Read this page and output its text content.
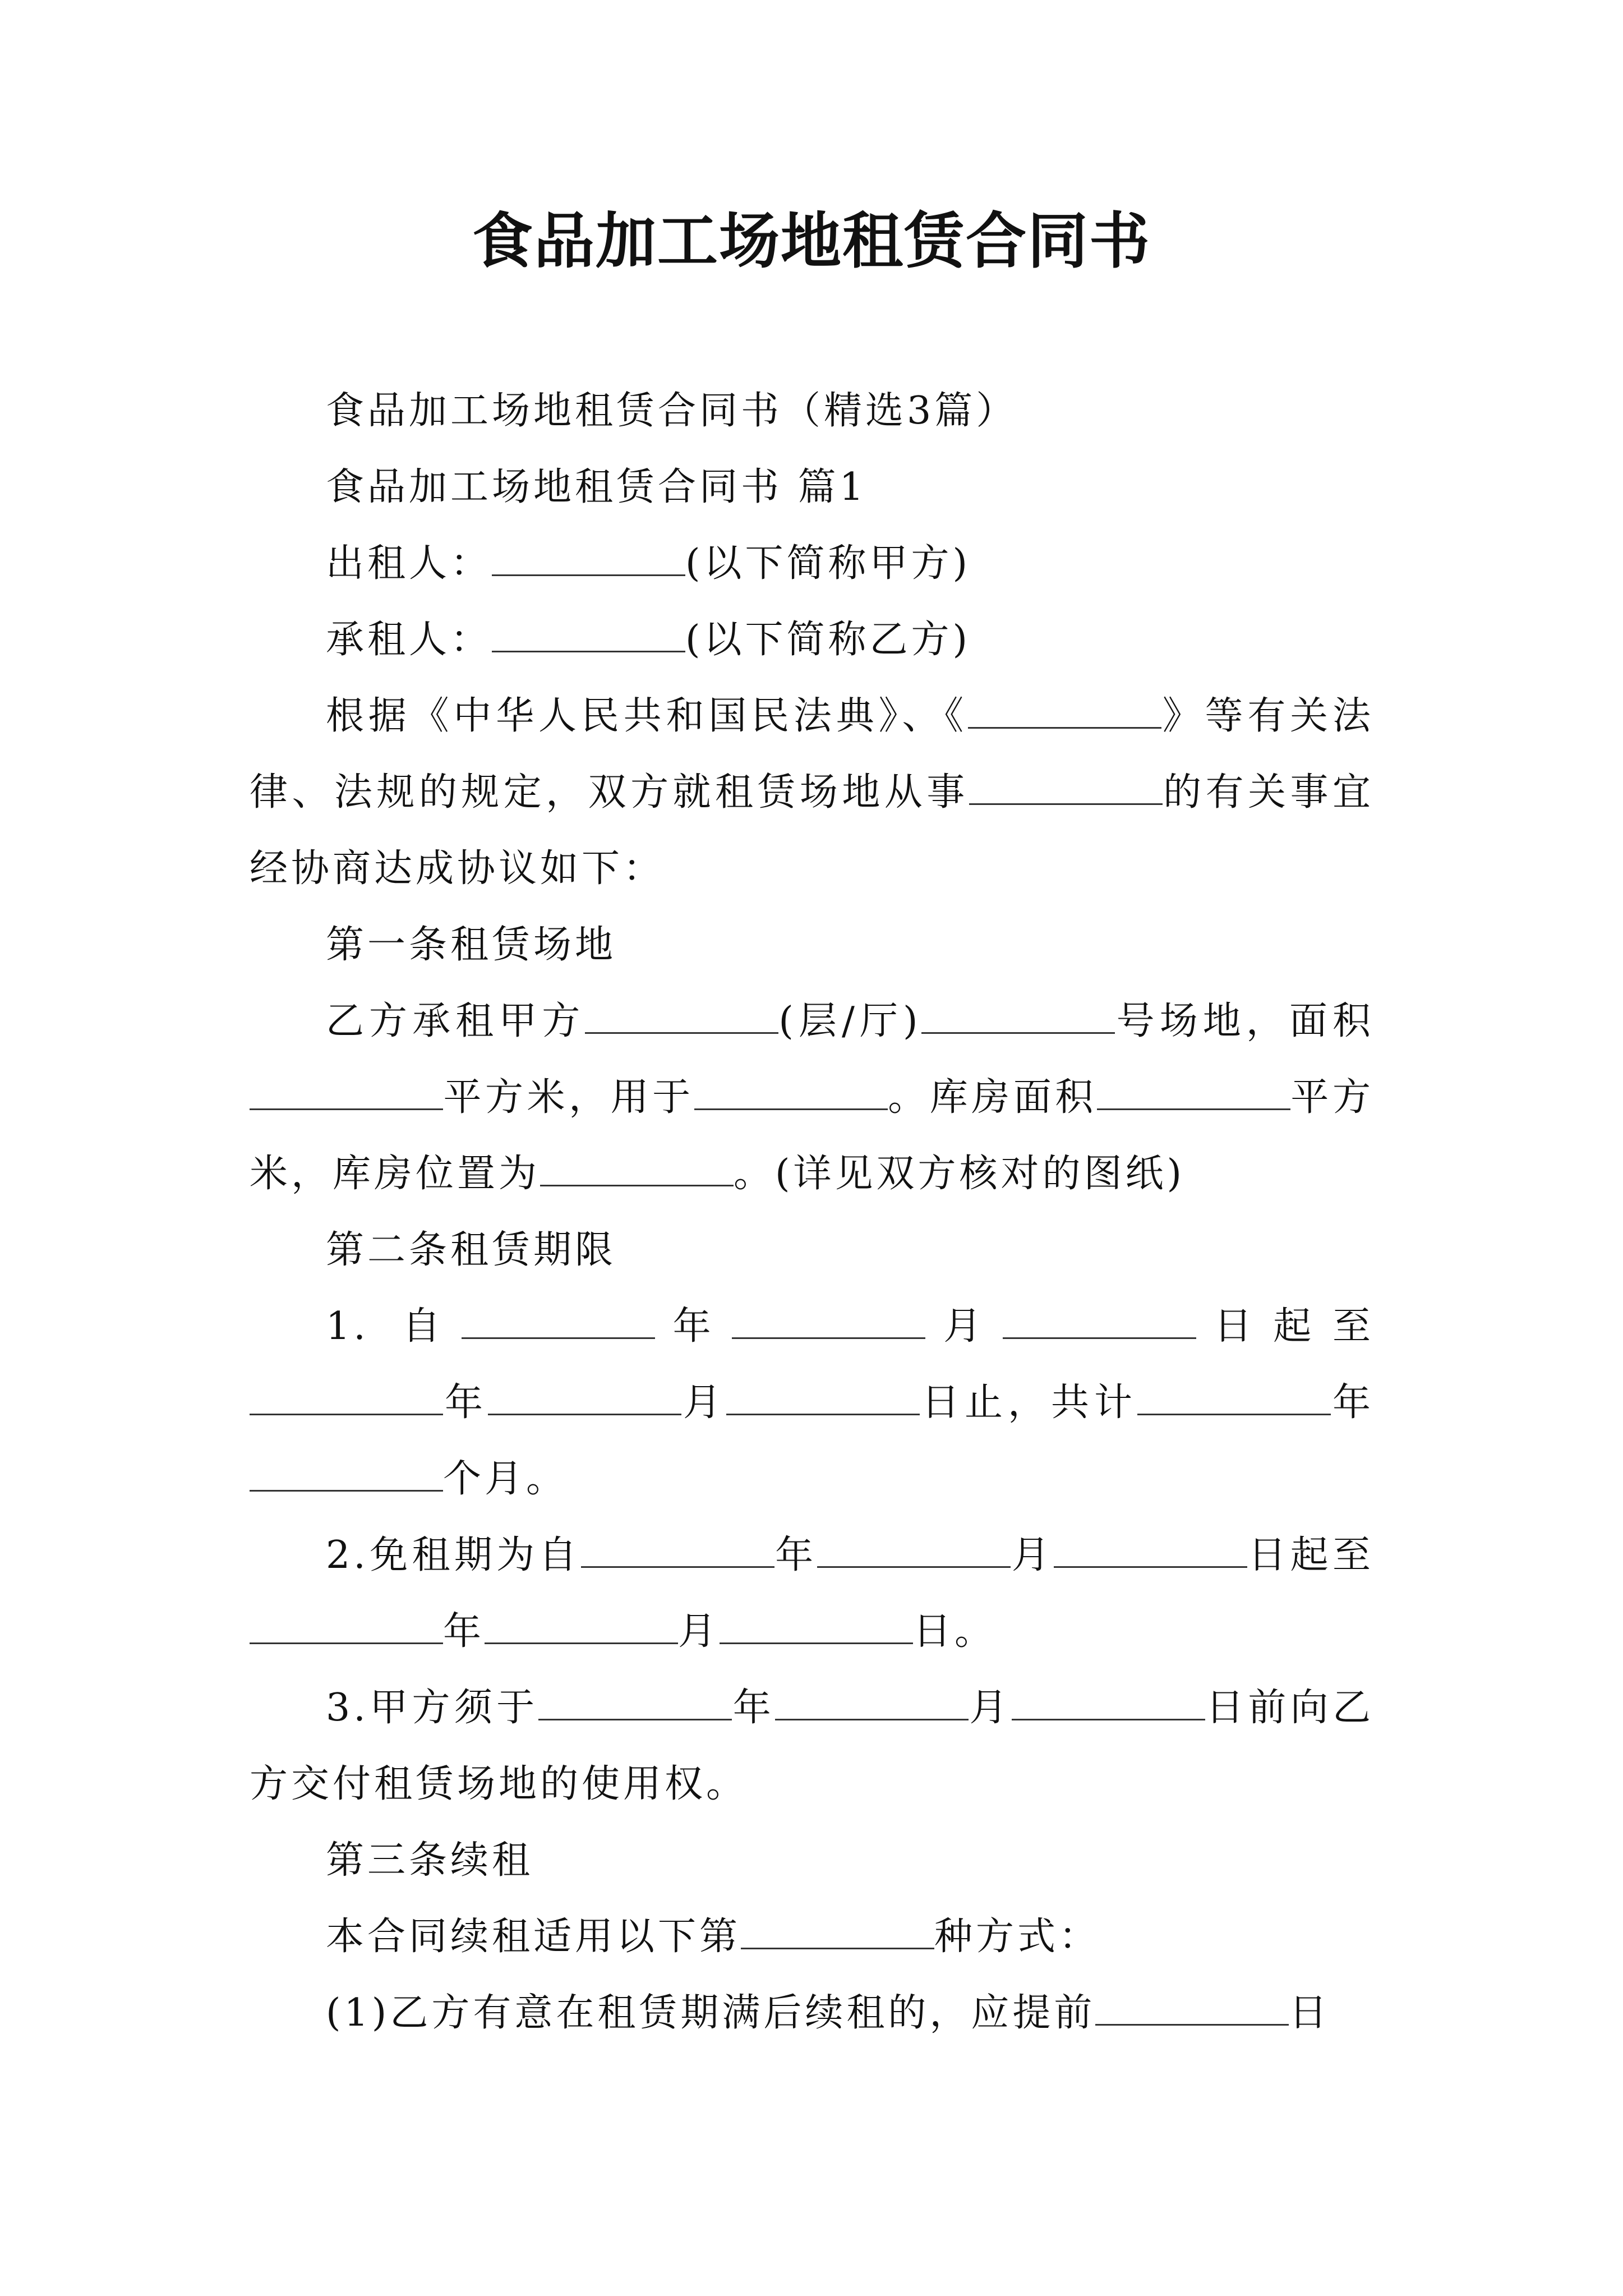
食品加工场地租赁合同书

食品加工场地租赁合同书（精选3篇）

食品加工场地租赁合同书 篇1

出租人：	(以下简称甲方)

承租人：	(以下简称乙方)

根据《中华人民共和国民法典》、《	》等有关法律、法规的规定，双方就租赁场地从事	的有关事宜经协商达成协议如下：

第一条租赁场地

乙方承租甲方	(层/厅)	号场地，面积平方米，用于	。库房面积	平方米，库房位置为	。(详见双方核对的图纸)

第二条租赁期限

1. 自	年	月	日起至年	月	日止，共计	年个月。

2.免租期为自	年	月	日起至年	月	日。

3.甲方须于	年	月	日前向乙方交付租赁场地的使用权。

第三条续租

本合同续租适用以下第	种方式：

(1)乙方有意在租赁期满后续租的，应提前	日
